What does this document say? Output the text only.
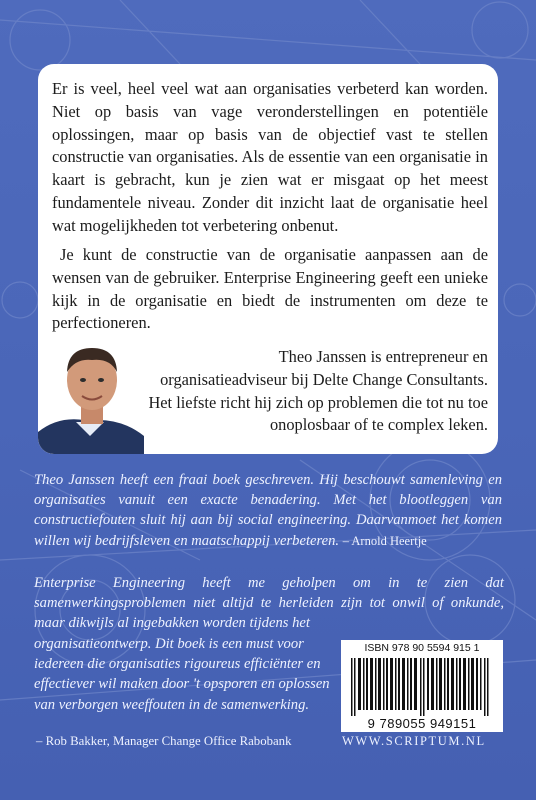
Er is veel, heel veel wat aan organisaties verbeterd kan worden. Niet op basis van vage veronderstellingen en potentiële oplossingen, maar op basis van de objectief vast te stellen constructie van organisaties. Als de essentie van een organisatie in kaart is gebracht, kun je zien wat er misgaat op het meest fundamentele niveau. Zonder dit inzicht laat de organisatie heel wat mogelijkheden tot verbetering onbenut.

Je kunt de constructie van de organisatie aanpassen aan de wensen van de gebruiker. Enterprise Engineering geeft een unieke kijk in de organisatie en biedt de instrumenten om deze te perfectioneren.

Theo Janssen is entrepreneur en organisatieadviseur bij Delte Change Consultants. Het liefste richt hij zich op problemen die tot nu toe onoplosbaar of te complex leken.

Theo Janssen heeft een fraai boek geschreven. Hij beschouwt samenleving en organisaties vanuit een exacte benadering. Met het blootleggen van constructiefouten sluit hij aan bij social engineering. Daarvanmoet het komen willen wij bedrijfsleven en maatschappij verbeteren. – Arnold Heertje

Enterprise Engineering heeft me geholpen om in te zien dat samenwerkingsproblemen niet altijd te herleiden zijn tot onwil of onkunde, maar dikwijls al ingebakken worden tijdens het

organisatieontwerp. Dit boek is een must voor iedereen die organisaties rigoureus efficiënter en effectiever wil maken door 't opsporen en oplossen van verborgen weeffouten in de samenwerking.

– Rob Bakker, Manager Change Office Rabobank

ISBN 978 90 5594 915 1
9 789055 949151

WWW.SCRIPTUM.NL
